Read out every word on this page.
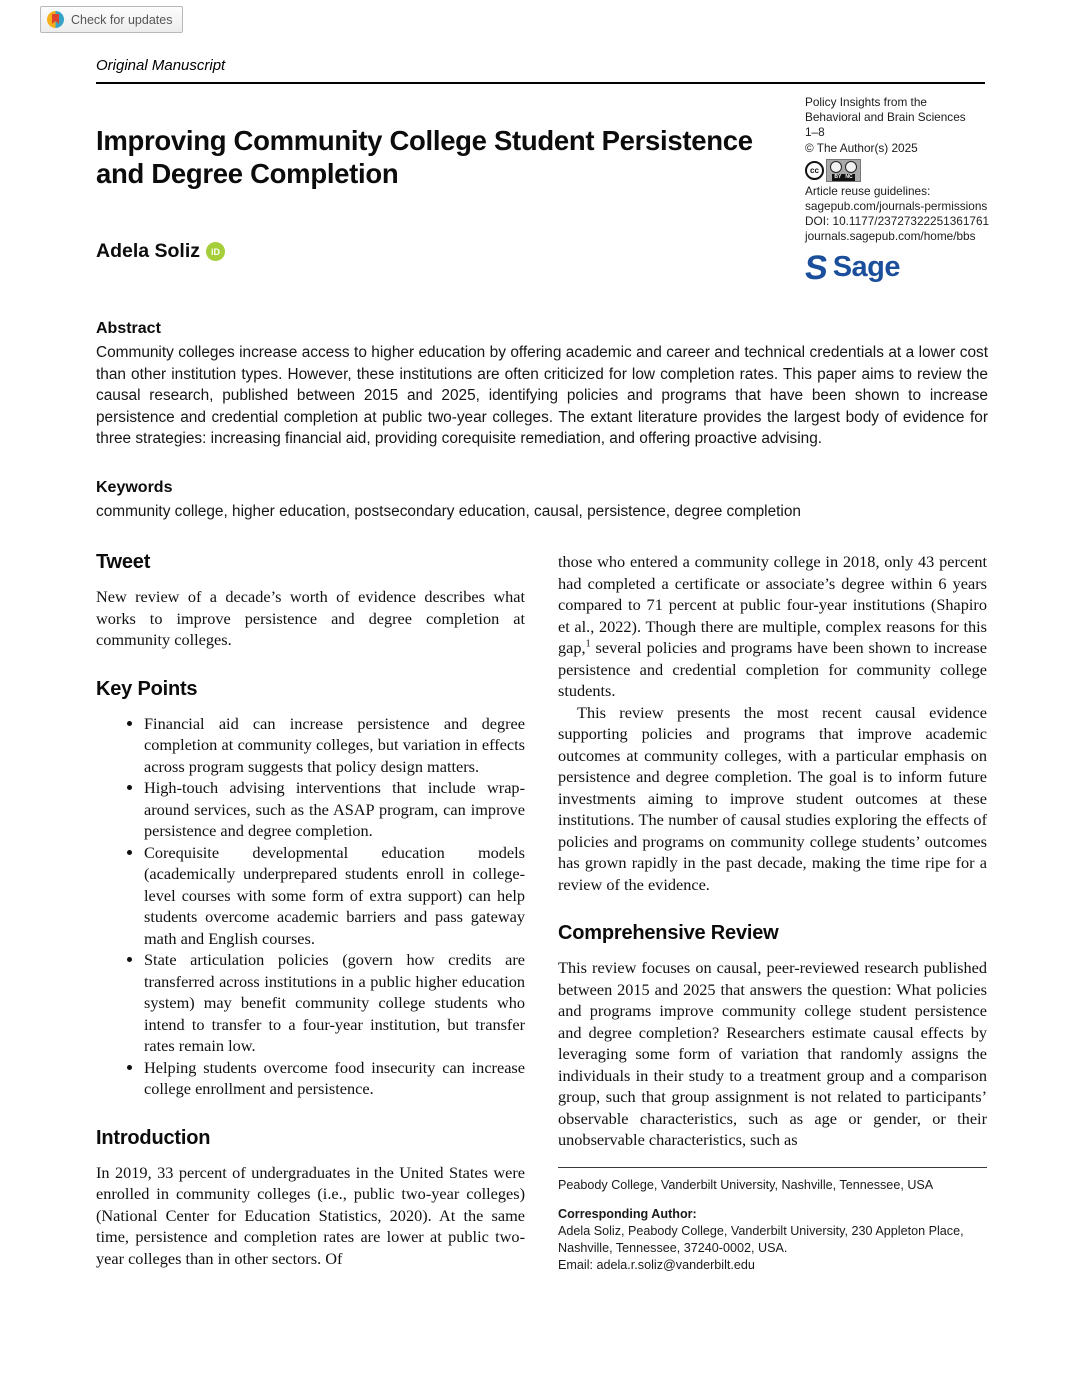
Check for updates
Original Manuscript
Improving Community College Student Persistence and Degree Completion
Policy Insights from the
Behavioral and Brain Sciences
1–8
© The Author(s) 2025
cc
BY NC
Article reuse guidelines:
sagepub.com/journals-permissions
DOI: 10.1177/23727322251361761
journals.sagepub.com/home/bbs
S Sage
Adela Soliz	iD
Abstract

Community colleges increase access to higher education by offering academic and career and technical credentials at a lower cost than other institution types. However, these institutions are often criticized for low completion rates. This paper aims to review the causal research, published between 2015 and 2025, identifying policies and programs that have been shown to increase persistence and credential completion at public two-year colleges. The extant literature provides the largest body of evidence for three strategies: increasing financial aid, providing corequisite remediation, and offering proactive advising.

Keywords

community college, higher education, postsecondary education, causal, persistence, degree completion

Tweet

New review of a decade’s worth of evidence describes what works to improve persistence and degree completion at community colleges.

Key Points
• Financial aid can increase persistence and degree completion at community colleges, but variation in effects across program suggests that policy design matters.
• High-touch advising interventions that include wrap-around services, such as the ASAP program, can improve persistence and degree completion.
• Corequisite developmental education models (academically underprepared students enroll in college-level courses with some form of extra support) can help students overcome academic barriers and pass gateway math and English courses.
• State articulation policies (govern how credits are transferred across institutions in a public higher education system) may benefit community college students who intend to transfer to a four-year institution, but transfer rates remain low.
• Helping students overcome food insecurity can increase college enrollment and persistence.
Introduction

In 2019, 33 percent of undergraduates in the United States were enrolled in community colleges (i.e., public two-year colleges) (National Center for Education Statistics, 2020). At the same time, persistence and completion rates are lower at public two-year colleges than in other sectors. Of

those who entered a community college in 2018, only 43 percent had completed a certificate or associate’s degree within 6 years compared to 71 percent at public four-year institutions (Shapiro et al., 2022). Though there are multiple, complex reasons for this gap,$^1$ several policies and programs have been shown to increase persistence and credential completion for community college students.

This review presents the most recent causal evidence supporting policies and programs that improve academic outcomes at community colleges, with a particular emphasis on persistence and degree completion. The goal is to inform future investments aiming to improve student outcomes at these institutions. The number of causal studies exploring the effects of policies and programs on community college students’ outcomes has grown rapidly in the past decade, making the time ripe for a review of the evidence.

Comprehensive Review

This review focuses on causal, peer-reviewed research published between 2015 and 2025 that answers the question: What policies and programs improve community college student persistence and degree completion? Researchers estimate causal effects by leveraging some form of variation that randomly assigns the individuals in their study to a treatment group and a comparison group, such that group assignment is not related to participants’ observable characteristics, such as age or gender, or their unobservable characteristics, such as

Peabody College, Vanderbilt University, Nashville, Tennessee, USA

Corresponding Author:

Adela Soliz, Peabody College, Vanderbilt University, 230 Appleton Place, Nashville, Tennessee, 37240-0002, USA.

Email: adela.r.soliz@vanderbilt.edu
